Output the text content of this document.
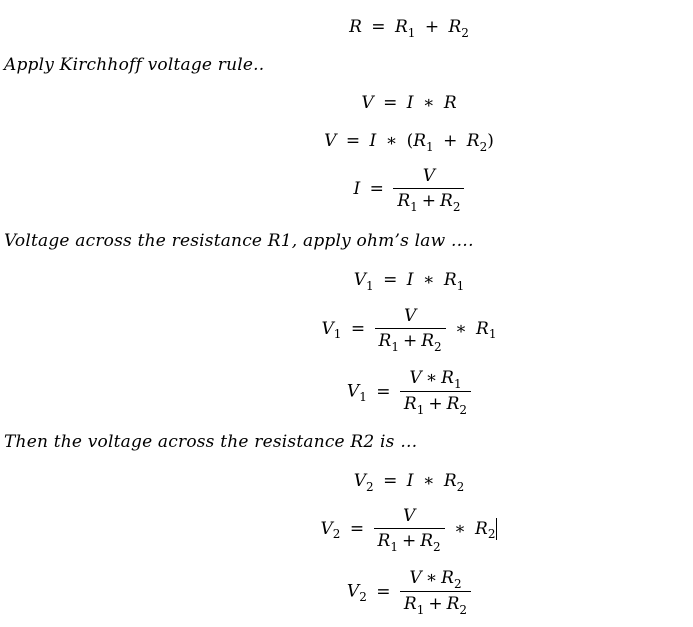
$R = R_1 + R_2$
Apply Kirchhoff voltage rule..
V = I ∗ R
V = I ∗ $(R_1 + R_2)$
$I = \frac{V}{R_1 + R_2}$
Voltage across the resistance R1, apply ohm’s law ….
$V_1 = I$ ∗ $R_1$
$V_1 = \frac{V}{R_1 + R_2}$ ∗ $R_1$
$V_1 = \frac{V ∗ R_1}{R_1 + R_2}$
Then the voltage across the resistance R2 is …
$V_2 = I$ ∗ $R_2$
$V_2 = \frac{V}{R_1 + R_2}$ ∗ $R_2$
$V_2 = \frac{V ∗ R_2}{R_1 + R_2}$
